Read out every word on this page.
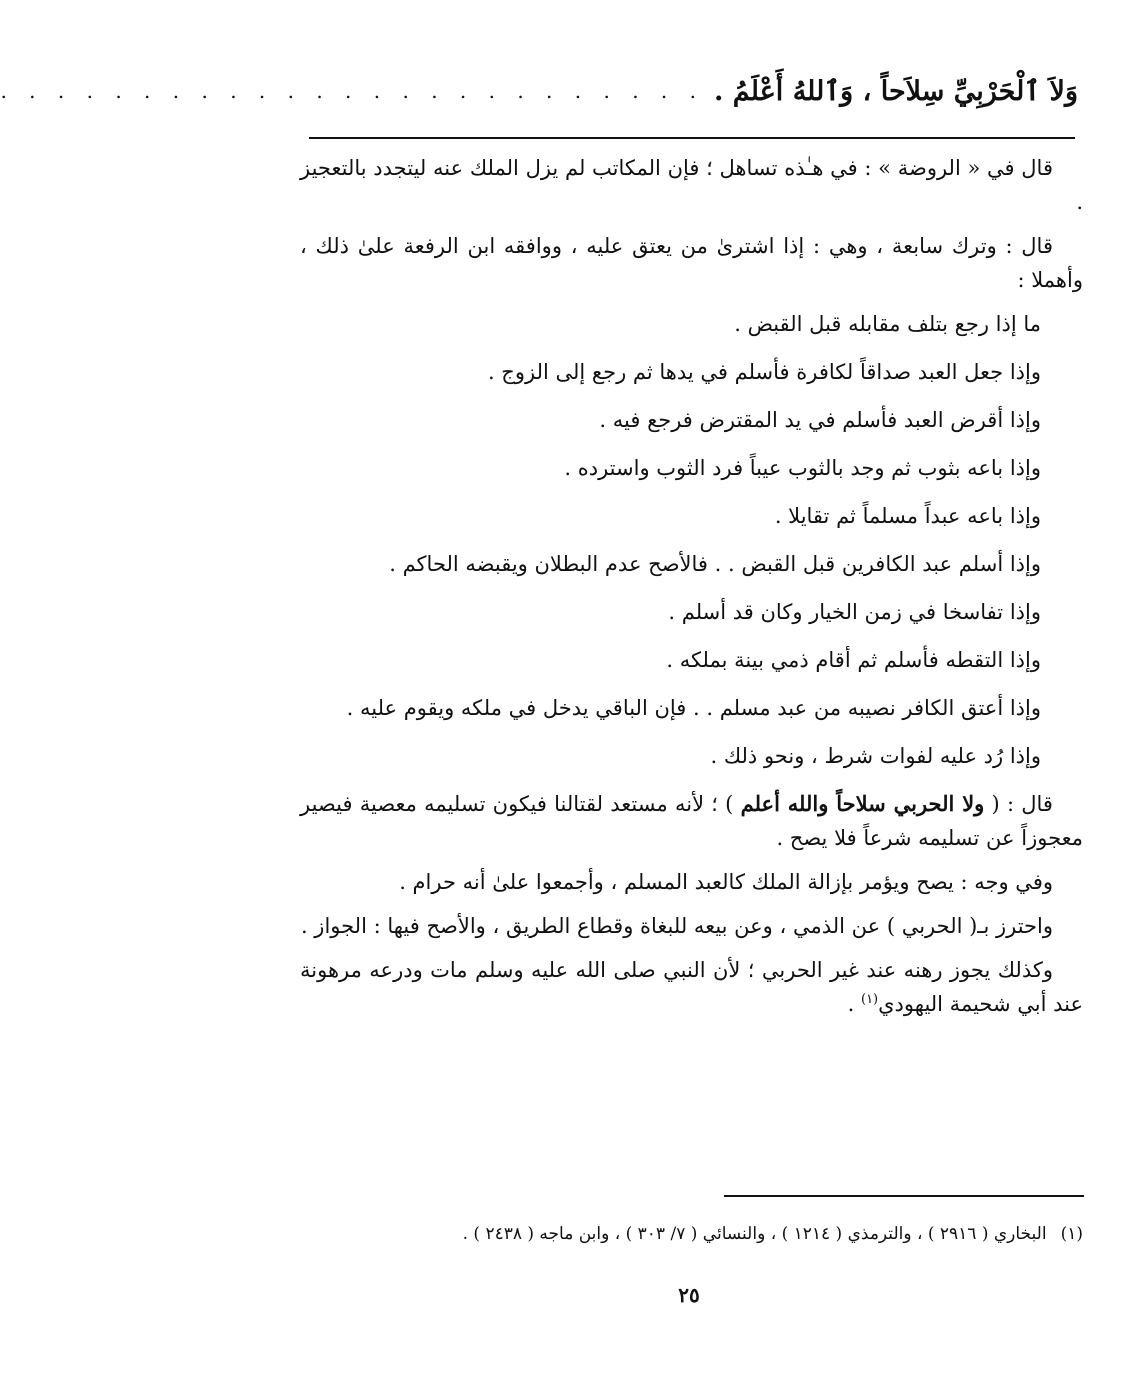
وَلاَ ٱلْحَرْبِيِّ سِلاَحاً ، وَٱللهُ أَعْلَمُ .
. . . . . . . . . . . . . . . . . . . . . . . . .

قال في « الروضة » : في هـٰذه تساهل ؛ فإن المكاتب لم يزل الملك عنه ليتجدد بالتعجيز .

قال : وترك سابعة ، وهي : إذا اشترىٰ من يعتق عليه ، ووافقه ابن الرفعة علىٰ ذلك ، وأهملا :

ما إذا رجع بتلف مقابله قبل القبض .

وإذا جعل العبد صداقاً لكافرة فأسلم في يدها ثم رجع إلى الزوج .

وإذا أقرض العبد فأسلم في يد المقترض فرجع فيه .

وإذا باعه بثوب ثم وجد بالثوب عيباً فرد الثوب واسترده .

وإذا باعه عبداً مسلماً ثم تقايلا .

وإذا أسلم عبد الكافرين قبل القبض . . فالأصح عدم البطلان ويقبضه الحاكم .

وإذا تفاسخا في زمن الخيار وكان قد أسلم .

وإذا التقطه فأسلم ثم أقام ذمي بينة بملكه .

وإذا أعتق الكافر نصيبه من عبد مسلم . . فإن الباقي يدخل في ملكه ويقوم عليه .

وإذا رُد عليه لفوات شرط ، ونحو ذلك .

قال : ( ولا الحربي سلاحاً والله أعلم ) ؛ لأنه مستعد لقتالنا فيكون تسليمه معصية فيصير معجوزاً عن تسليمه شرعاً فلا يصح .

وفي وجه : يصح ويؤمر بإزالة الملك كالعبد المسلم ، وأجمعوا علىٰ أنه حرام .

واحترز بـ( الحربي ) عن الذمي ، وعن بيعه للبغاة وقطاع الطريق ، والأصح فيها : الجواز .

وكذلك يجوز رهنه عند غير الحربي ؛ لأن النبي صلى الله عليه وسلم مات ودرعه مرهونة عند أبي شحيمة اليهودي$^{(١)}$ .

(١)البخاري ( ٢٩١٦ ) ، والترمذي ( ١٢١٤ ) ، والنسائي ( ٧/ ٣٠٣ ) ، وابن ماجه ( ٢٤٣٨ ) .
٢٥
